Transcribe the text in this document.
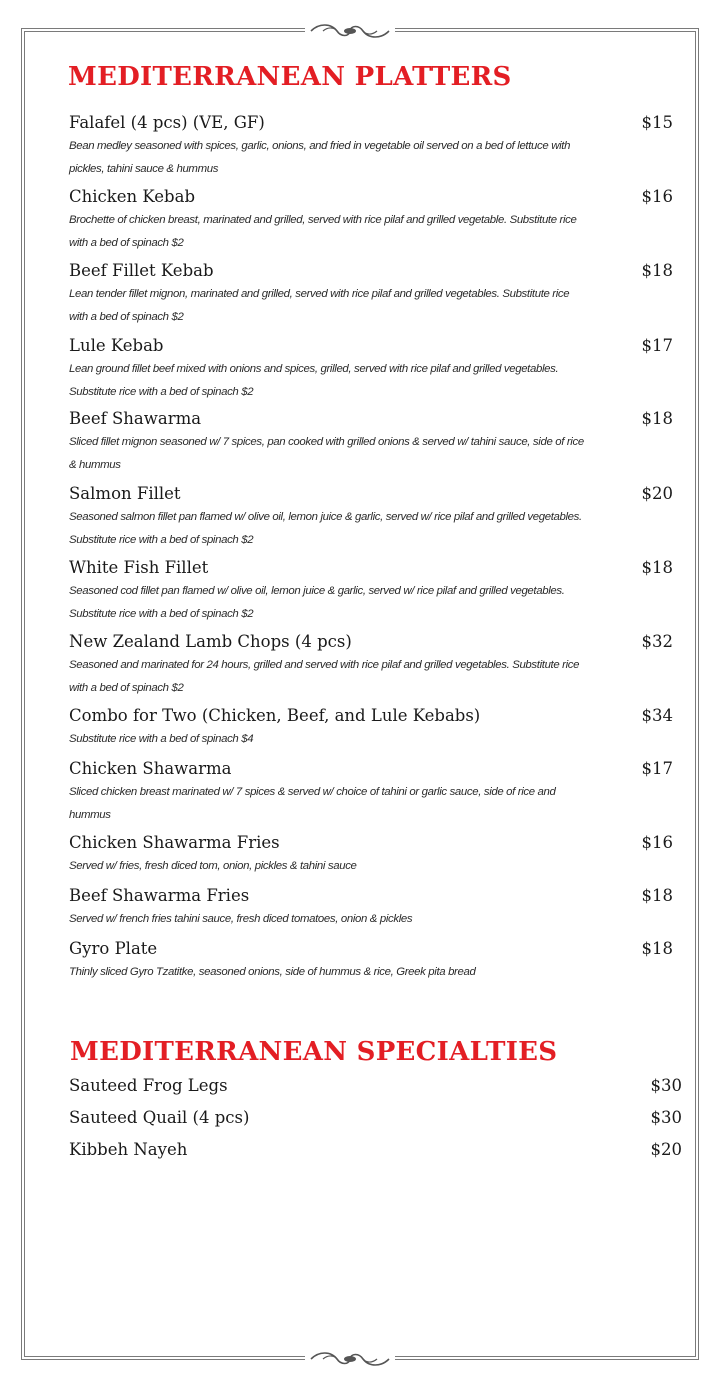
MEDITERRANEAN PLATTERS
Falafel (4 pcs) (VE, GF)	$15
Bean medley seasoned with spices, garlic, onions, and fried in vegetable oil served on a bed of lettuce with pickles, tahini sauce & hummus
Chicken Kebab	$16
Brochette of chicken breast, marinated and grilled, served with rice pilaf and grilled vegetable. Substitute rice with a bed of spinach $2
Beef Fillet Kebab	$18
Lean tender fillet mignon, marinated and grilled, served with rice pilaf and grilled vegetables. Substitute rice with a bed of spinach $2
Lule Kebab	$17
Lean ground fillet beef mixed with onions and spices, grilled, served with rice pilaf and grilled vegetables. Substitute rice with a bed of spinach $2
Beef Shawarma	$18
Sliced fillet mignon seasoned w/ 7 spices, pan cooked with grilled onions & served w/ tahini sauce, side of rice & hummus
Salmon Fillet	$20
Seasoned salmon fillet pan flamed w/ olive oil, lemon juice & garlic, served w/ rice pilaf and grilled vegetables. Substitute rice with a bed of spinach $2
White Fish Fillet	$18
Seasoned cod fillet pan flamed w/ olive oil, lemon juice & garlic, served w/ rice pilaf and grilled vegetables. Substitute rice with a bed of spinach $2
New Zealand Lamb Chops (4 pcs)	$32
Seasoned and marinated for 24 hours, grilled and served with rice pilaf and grilled vegetables. Substitute rice with a bed of spinach $2
Combo for Two (Chicken, Beef, and Lule Kebabs)	$34
Substitute rice with a bed of spinach $4
Chicken Shawarma	$17
Sliced chicken breast marinated w/ 7 spices & served w/ choice of tahini or garlic sauce, side of rice and hummus
Chicken Shawarma Fries	$16
Served w/ fries, fresh diced tom, onion, pickles & tahini sauce
Beef Shawarma Fries	$18
Served w/ french fries tahini sauce, fresh diced tomatoes, onion & pickles
Gyro Plate	$18
Thinly sliced Gyro Tzatitke, seasoned onions, side of hummus & rice, Greek pita bread
MEDITERRANEAN SPECIALTIES
Sauteed Frog Legs	$30
Sauteed Quail (4 pcs)	$30
Kibbeh Nayeh	$20
